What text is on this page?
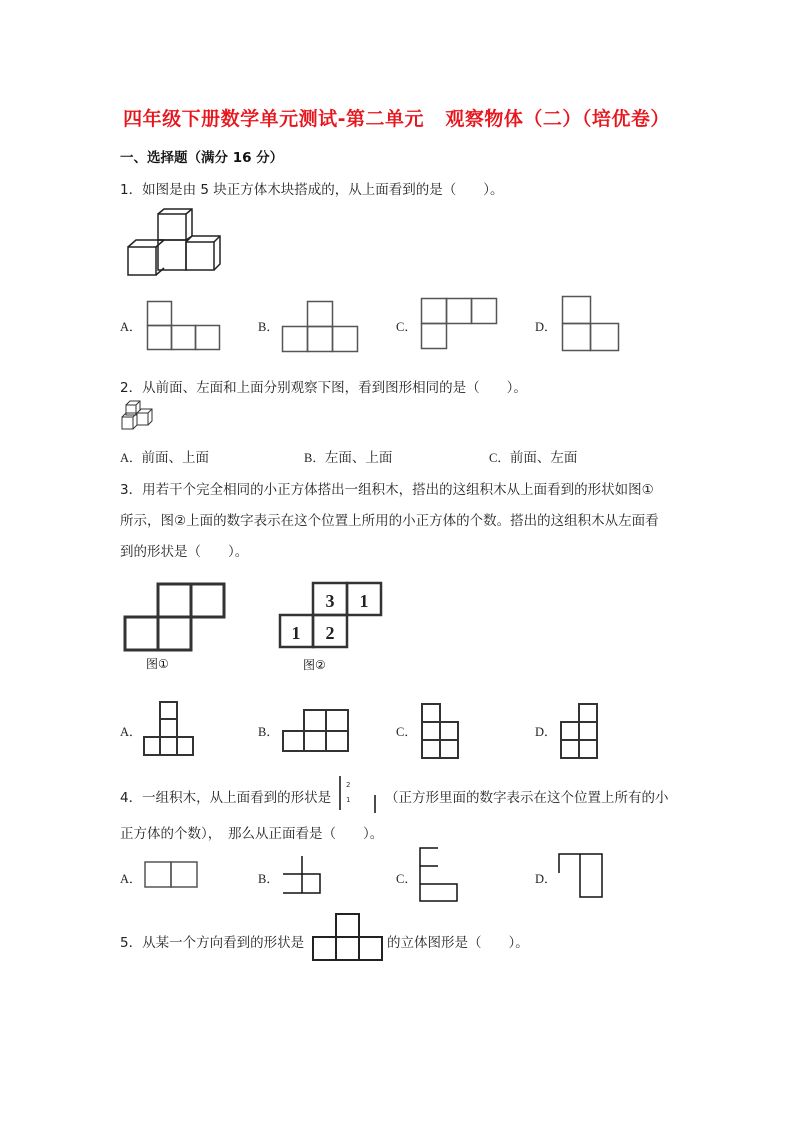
四年级下册数学单元测试-第二单元   观察物体（二）（培优卷）
一、选择题（满分 16 分）
1．如图是由 5 块正方体木块搭成的，从上面看到的是（　　）。
A．	B．	C．	D．
2．从前面、左面和上面分别观察下图，看到图形相同的是（　　）。
A．前面、上面	B．左面、上面	C．前面、左面
3．用若干个完全相同的小正方体搭出一组积木，搭出的这组积木从上面看到的形状如图①
所示，图②上面的数字表示在这个位置上所用的小正方体的个数。搭出的这组积木从左面看
到的形状是（　　）。
图①
3 1
1 2
图②
A．	B．	C．	D．
4．一组积木，从上面看到的形状是
2
1	（正方形里面的数字表示在这个位置上所有的小
正方体的个数），　那么从正面看是（　　）。
A．	B．	C．	D．
5．从某一个方向看到的形状是	的立体图形是（　　）。
